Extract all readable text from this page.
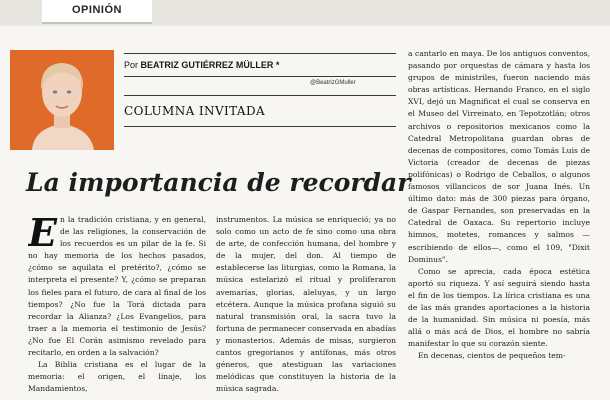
OPINIÓN
Por BEATRIZ GUTIÉRREZ MÜLLER *
@BeatrizGMuller
COLUMNA INVITADA
La importancia de recordar

En la tradición cristiana, y en general, de las religiones, la conservación de los recuerdos es un pilar de la fe. Si no hay memoria de los hechos pasados, ¿cómo se aquilata el pretérito?, ¿cómo se interpreta el presente? Y, ¿cómo se preparan los fieles para el futuro, de cara al final de los tiempos? ¿No fue la Torá dictada para recordar la Alianza? ¿Los Evangelios, para traer a la memoria el testimonio de Jesús? ¿No fue El Corán asimismo revelado para recitarlo, en orden a la salvación?

La Biblia cristiana es el lugar de la memoria: el origen, el linaje, los Mandamientos,

instrumentos. La música se enriqueció; ya no solo como un acto de fe sino como una obra de arte, de confección humana, del hombre y de la mujer, del don. Al tiempo de establecerse las liturgias, como la Romana, la música estelarizó el ritual y proliferaron avemarías, glorias, aleluyas, y un largo etcétera. Aunque la música profana siguió su natural transmisión oral, la sacra tuvo la fortuna de permanecer conservada en abadías y monasterios. Además de misas, surgieron cantos gregorianos y antífonas, más otros géneros, que atestiguan las variaciones melódicas que constituyen la historia de la música sagrada.

a cantarlo en maya. De los antiguos conventos, pasando por orquestas de cámara y hasta los grupos de ministriles, fueron naciendo más obras artísticas. Hernando Franco, en el siglo XVI, dejó un Magnificat el cual se conserva en el Museo del Virreinato, en Tepotzotlán; otros archivos o repositorios mexicanos como la Catedral Metropolitana guardan obras de decenas de compositores, como Tomás Luis de Victoria (creador de decenas de piezas polifónicas) o Rodrigo de Ceballos, o algunos famosos villancicos de sor Juana Inés. Un último dato: más de 300 piezas para órgano, de Gaspar Fernandes, son preservadas en la Catedral de Oaxaca. Su repertorio incluye himnos, motetes, romances y salmos —escribiendo de ellos—, como el 109, "Dixit Dominus".

Como se aprecia, cada época estética aportó su riqueza. Y así seguirá siendo hasta el fin de los tiempos. La lírica cristiana es una de las más grandes aportaciones a la historia de la humanidad. Sin música ni poesía, más allá o más acá de Dios, el hombre no sabría manifestar lo que su corazón siente.

En decenas, cientos de pequeños tem-
